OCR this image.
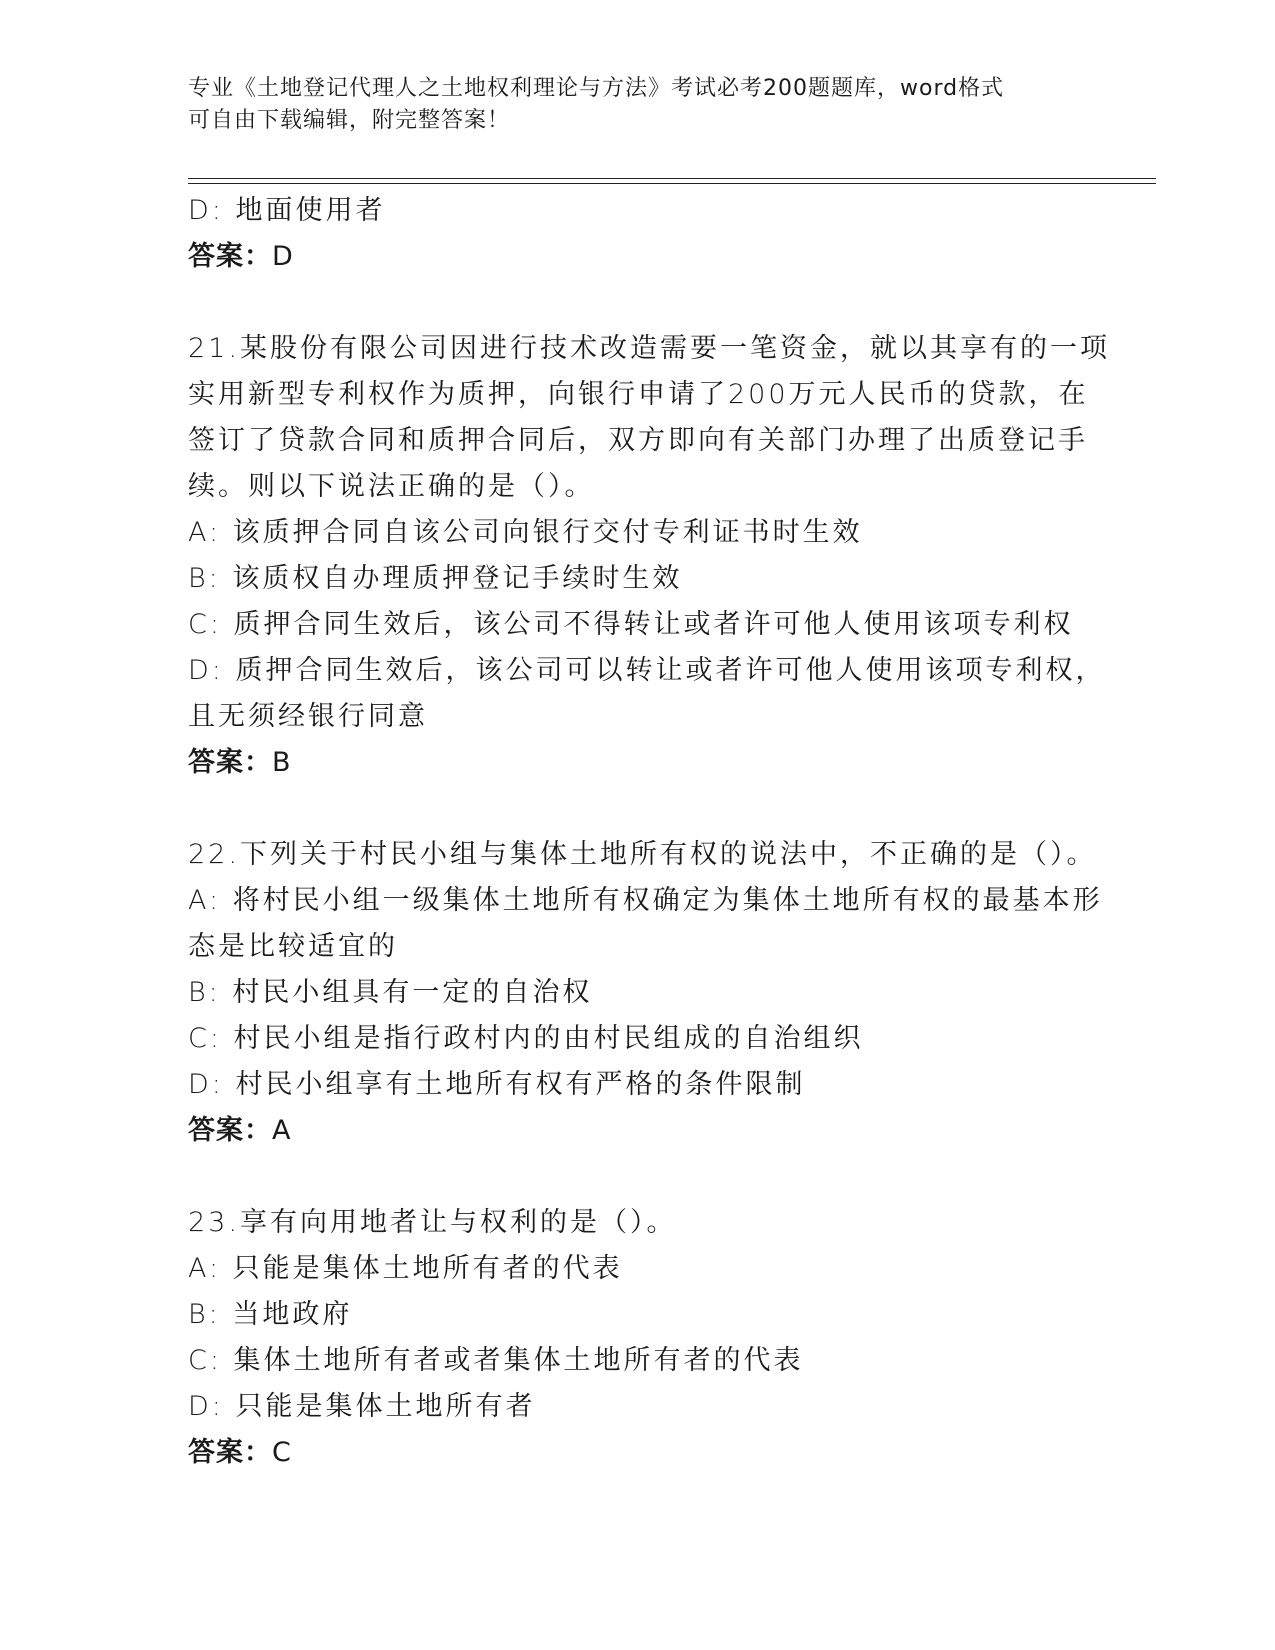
专业《土地登记代理人之土地权利理论与方法》考试必考200题题库，word格式
可自由下载编辑，附完整答案！
D: 地面使用者
答案：D
21.某股份有限公司因进行技术改造需要一笔资金，就以其享有的一项
实用新型专利权作为质押，向银行申请了200万元人民币的贷款，在
签订了贷款合同和质押合同后，双方即向有关部门办理了出质登记手
续。则以下说法正确的是（）。
A: 该质押合同自该公司向银行交付专利证书时生效
B: 该质权自办理质押登记手续时生效
C: 质押合同生效后，该公司不得转让或者许可他人使用该项专利权
D: 质押合同生效后，该公司可以转让或者许可他人使用该项专利权，
且无须经银行同意
答案：B
22.下列关于村民小组与集体土地所有权的说法中，不正确的是（）。
A: 将村民小组一级集体土地所有权确定为集体土地所有权的最基本形
态是比较适宜的
B: 村民小组具有一定的自治权
C: 村民小组是指行政村内的由村民组成的自治组织
D: 村民小组享有土地所有权有严格的条件限制
答案：A
23.享有向用地者让与权利的是（）。
A: 只能是集体土地所有者的代表
B: 当地政府
C: 集体土地所有者或者集体土地所有者的代表
D: 只能是集体土地所有者
答案：C
